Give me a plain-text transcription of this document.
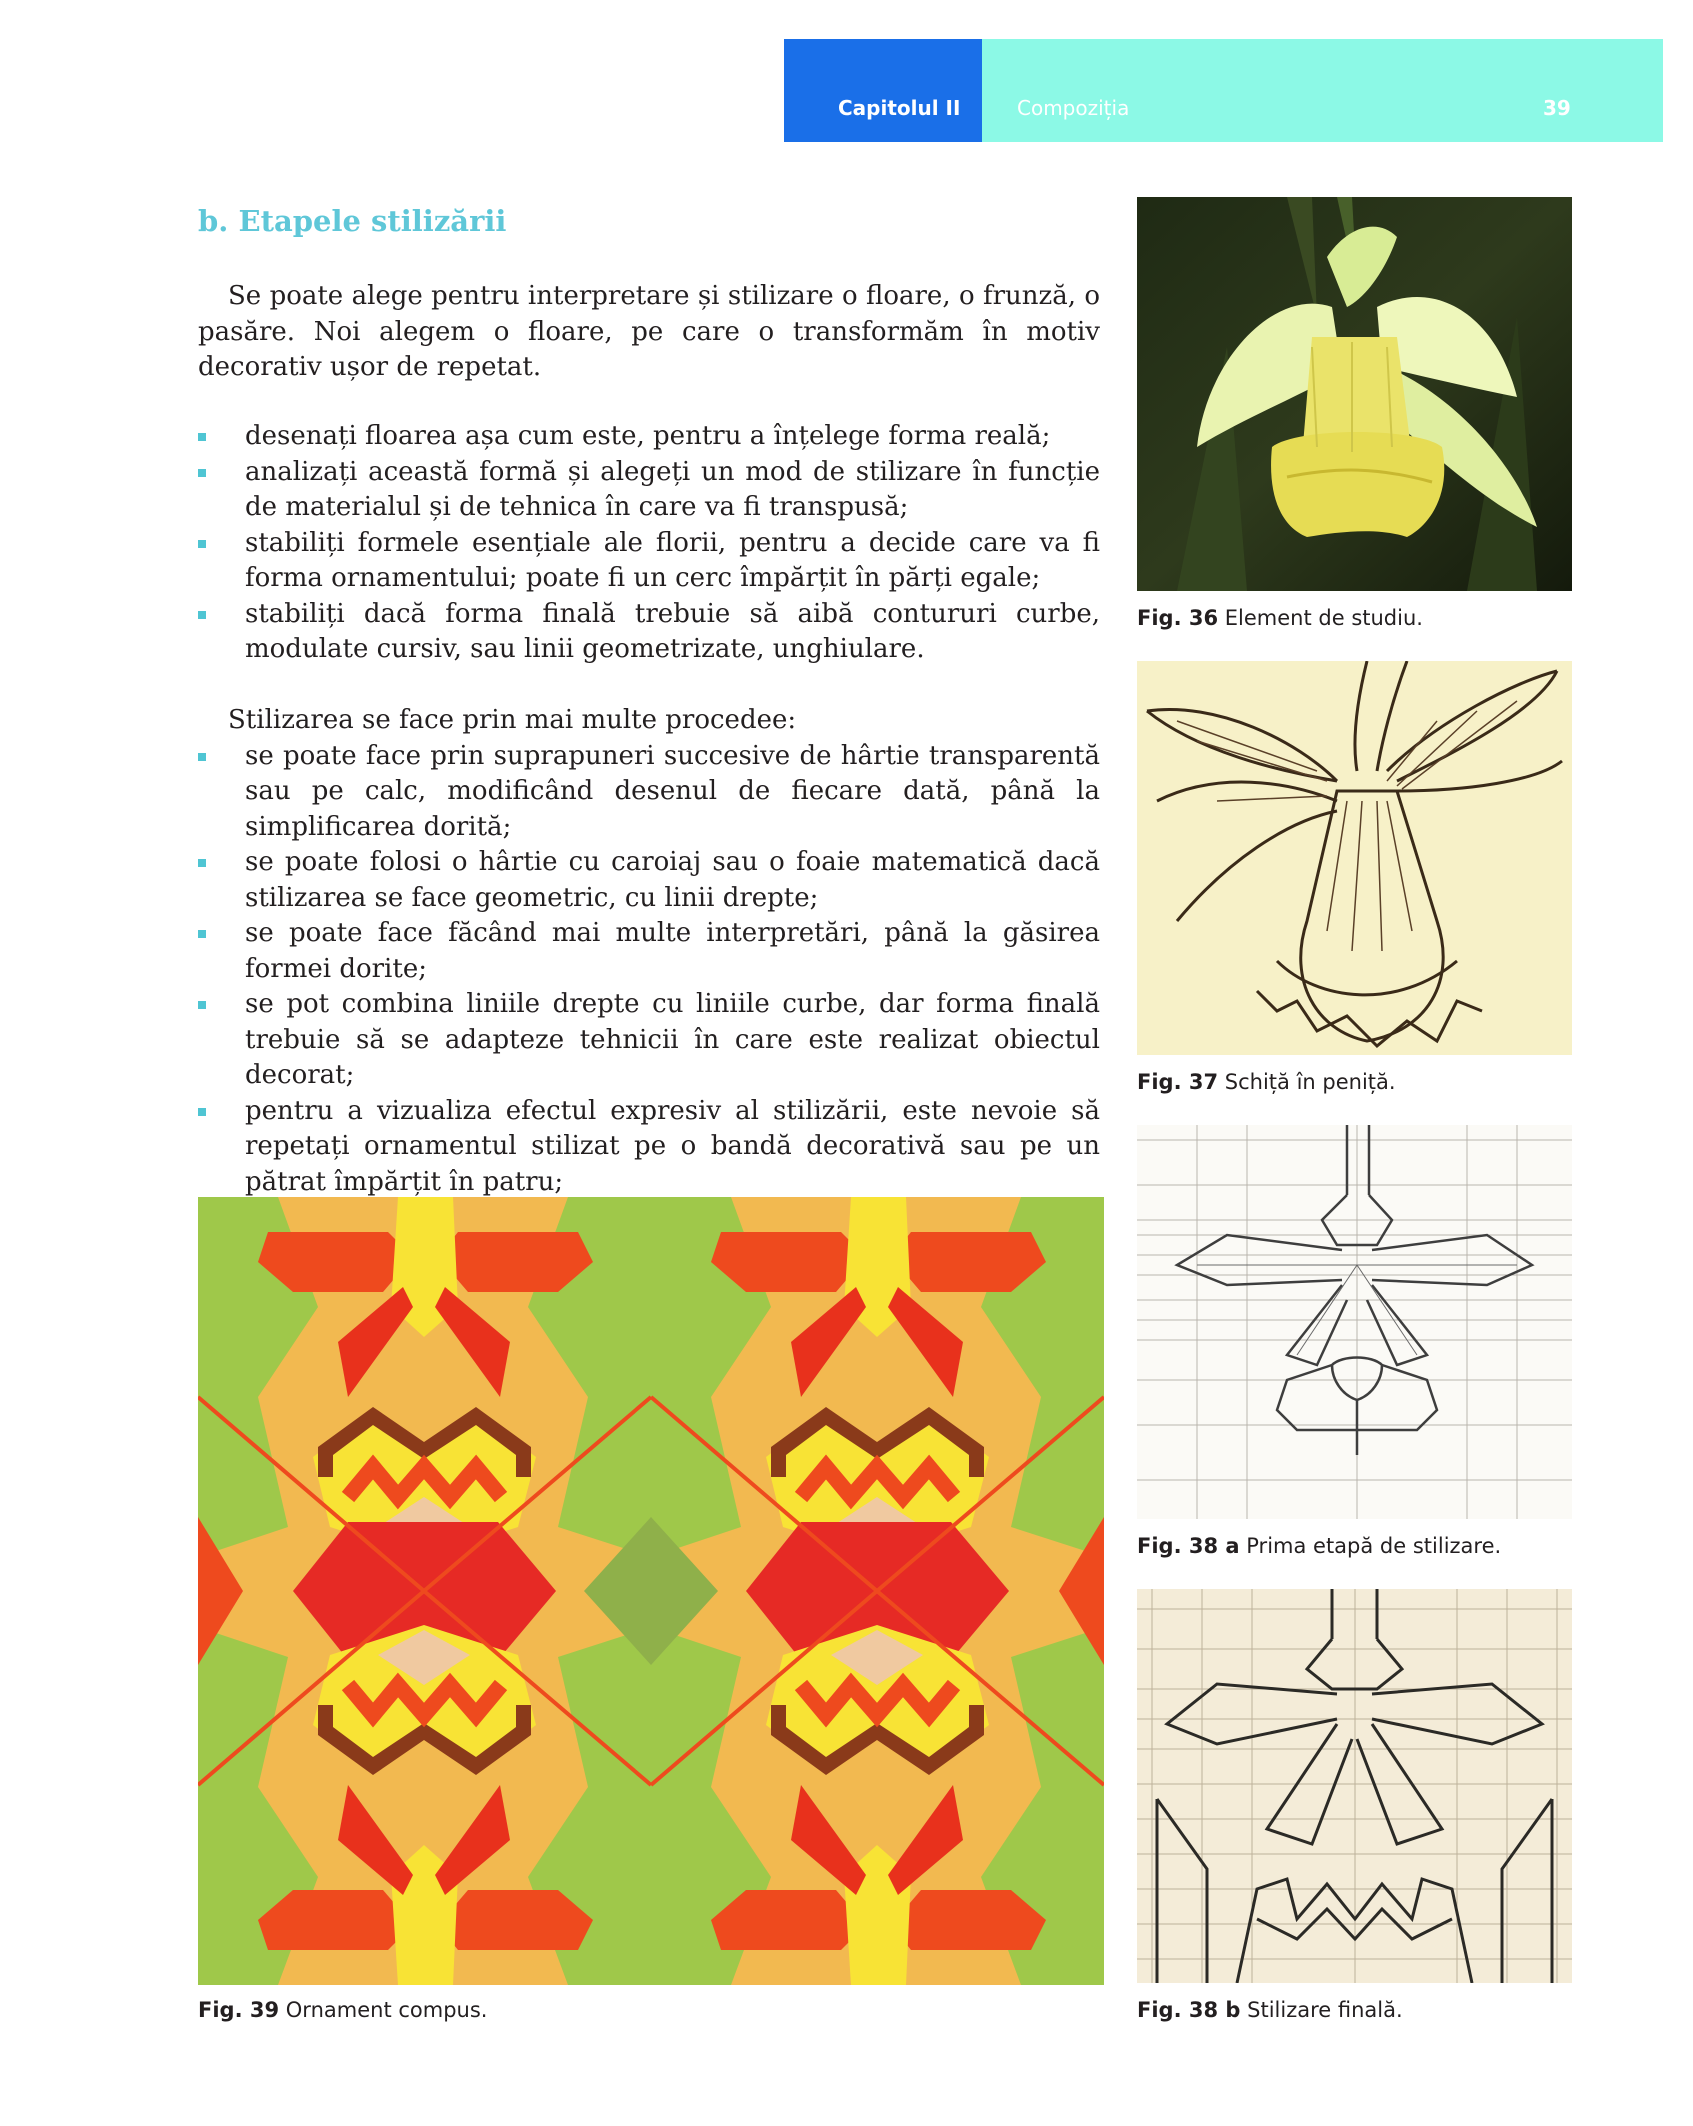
Capitolul II	Compoziția	39
b. Etapele stilizării

Se poate alege pentru interpretare și stilizare o floare, o frunză, o pasăre. Noi alegem o floare, pe care o transformăm în motiv decorativ ușor de repetat.

desenați floarea așa cum este, pentru a înțelege forma reală;
analizați această formă și alegeți un mod de stilizare în funcție de materialul și de tehnica în care va fi transpusă;
stabiliți formele esențiale ale florii, pentru a decide care va fi forma ornamentului; poate fi un cerc împărțit în părți egale;
stabiliți dacă forma finală trebuie să aibă contururi curbe, modulate cursiv, sau linii geometrizate, unghiulare.

Stilizarea se face prin mai multe procedee:

se poate face prin suprapuneri succesive de hârtie transparentă sau pe calc, modificând desenul de fiecare dată, până la simplificarea dorită;
se poate folosi o hârtie cu caroiaj sau o foaie matematică dacă stilizarea se face geometric, cu linii drepte;
se poate face făcând mai multe interpretări, până la găsirea formei dorite;
se pot combina liniile drepte cu liniile curbe, dar forma finală trebuie să se adapteze tehnicii în care este realizat obiectul decorat;
pentru a vizualiza efectul expresiv al stilizării, este nevoie să repetați ornamentul stilizat pe o bandă decorativă sau pe un pătrat împărțit în patru;
Fig. 36 Element de studiu.
Fig. 37 Schiță în peniță.
Fig. 38 a Prima etapă de stilizare.
Fig. 38 b Stilizare finală.
Fig. 39 Ornament compus.
